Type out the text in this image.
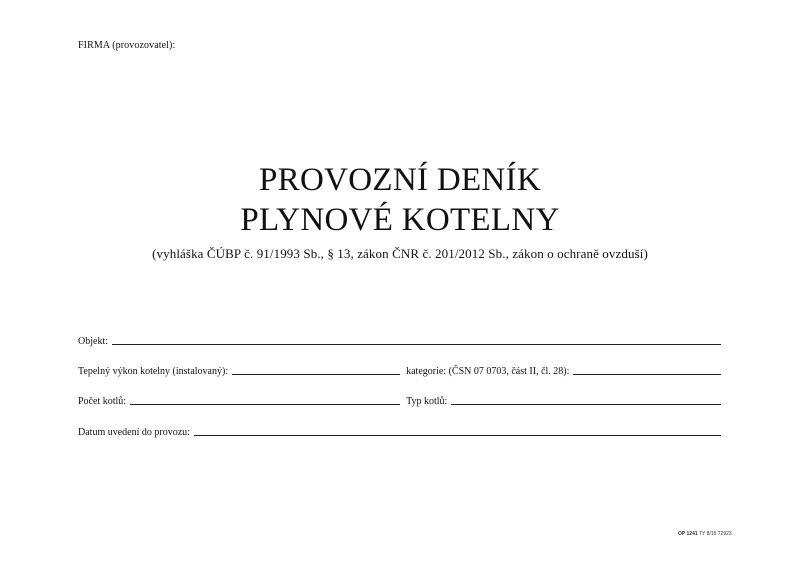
FIRMA (provozovatel):
PROVOZNÍ DENÍK
PLYNOVÉ KOTELNY
(vyhláška ČÚBP č. 91/1993 Sb., § 13, zákon ČNR č. 201/2012 Sb., zákon o ochraně ovzduší)
Objekt:
Tepelný výkon kotelny (instalovaný):	kategorie: (ČSN 07 0703, část II, čl. 28):
Počet kotlů:	Typ kotlů:
Datum uvedení do provozu:
OP 1241 TY 8/15 72923
